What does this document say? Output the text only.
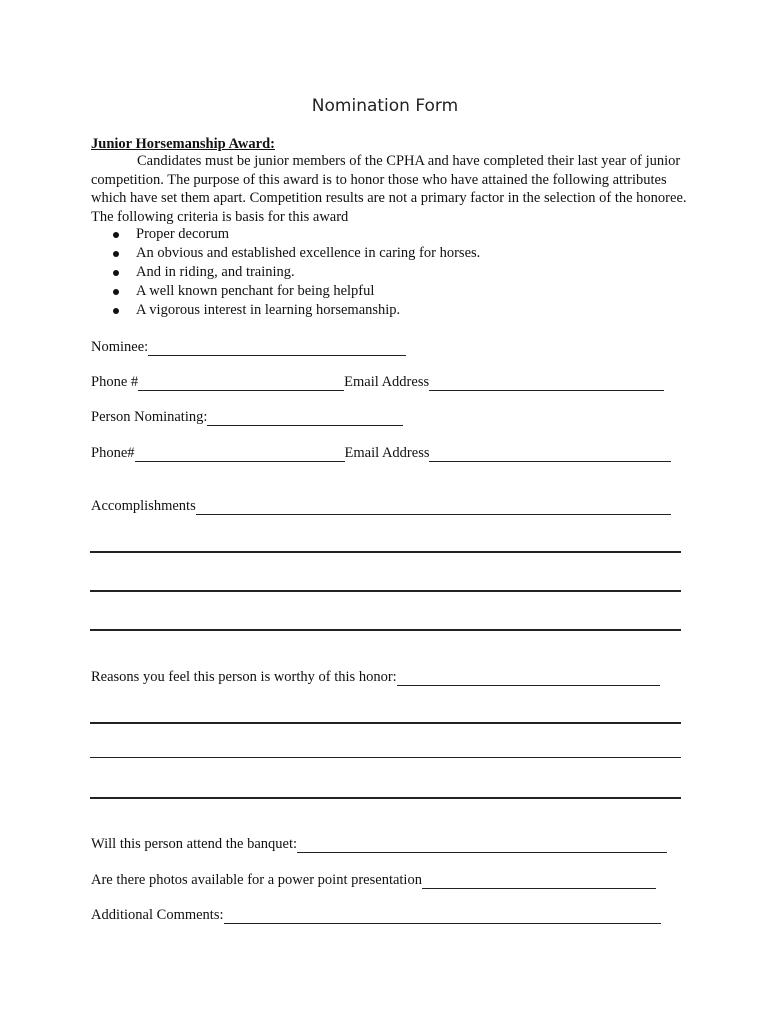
Nomination Form
Junior Horsemanship Award:

Candidates must be junior members of the CPHA and have completed their last year of junior competition. The purpose of this award is to honor those who have attained the following attributes which have set them apart. Competition results are not a primary factor in the selection of the honoree. The following criteria is basis for this award

Proper decorum
An obvious and established excellence in caring for horses.
And in riding, and training.
A well known penchant for being helpful
A vigorous interest in learning horsemanship.
Nominee:
Phone #	Email Address
Person Nominating:
Phone#	Email Address
Accomplishments
Reasons you feel this person is worthy of this honor:
Will this person attend the banquet:
Are there photos available for a power point presentation
Additional Comments:
